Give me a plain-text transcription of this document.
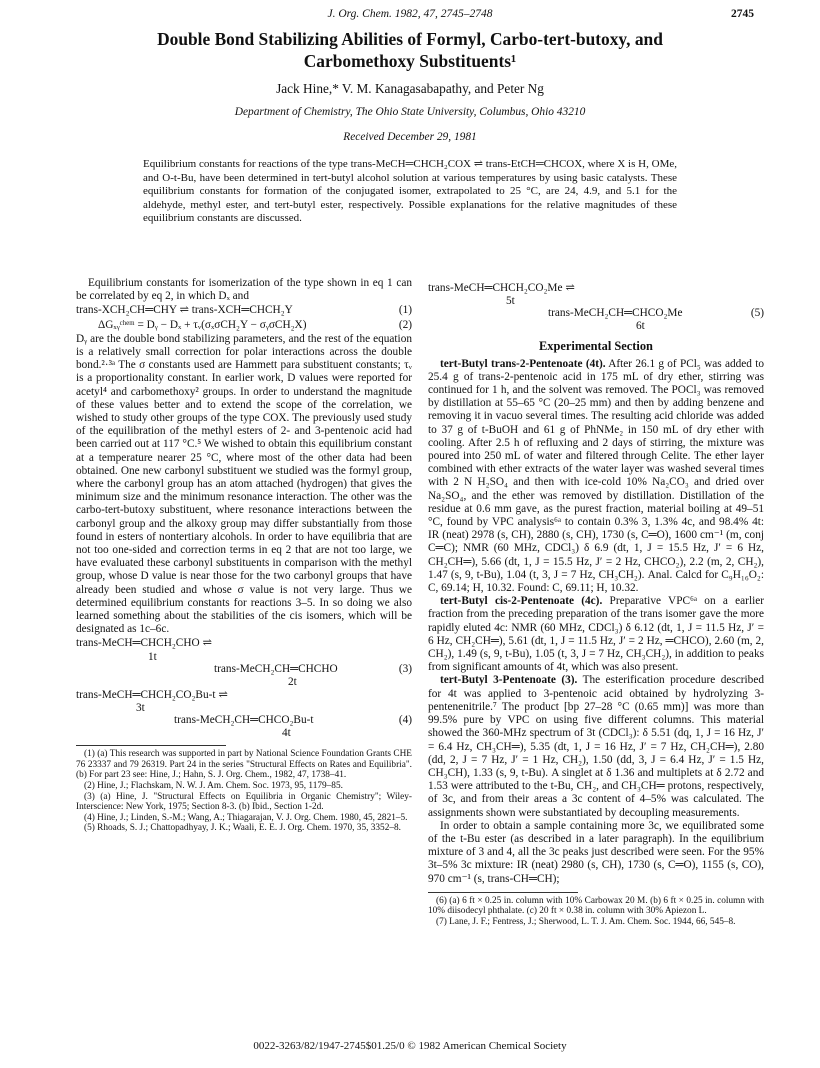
J. Org. Chem. 1982, 47, 2745–2748	2745
Double Bond Stabilizing Abilities of Formyl, Carbo-tert-butoxy, and
Carbomethoxy Substituents¹
Jack Hine,* V. M. Kanagasabapathy, and Peter Ng
Department of Chemistry, The Ohio State University, Columbus, Ohio 43210
Received December 29, 1981

Equilibrium constants for reactions of the type trans-MeCH═CHCH₂COX ⇌ trans-EtCH═CHCOX, where X is H, OMe, and O-t-Bu, have been determined in tert-butyl alcohol solution at various temperatures by using basic catalysts. These equilibrium constants for formation of the conjugated isomer, extrapolated to 25 °C, are 24, 4.9, and 5.1 for the aldehyde, methyl ester, and tert-butyl ester, respectively. Possible explanations for the relative magnitudes of these equilibrium constants are discussed.

Equilibrium constants for isomerization of the type shown in eq 1 can be correlated by eq 2, in which Dₓ and

trans-XCH₂CH═CHY ⇌ trans-XCH═CHCH₂Y	(1)
ΔGₓᵧᶜʰᵉᵐ = Dᵧ − Dₓ + τᵥ(σₓσCH₂Y − σᵧσCH₂X)	(2)

Dᵧ are the double bond stabilizing parameters, and the rest of the equation is a relatively small correction for polar interactions across the double bond.²·³ᵃ The σ constants used are Hammett para substituent constants; τᵥ is a proportionality constant. In earlier work, D values were reported for acetyl⁴ and carbomethoxy² groups. In order to understand the magnitude of these values better and to extend the scope of the correlation, we wished to study other groups of the type COX. The previously used study of the equilibration of the methyl esters of 2- and 3-pentenoic acid had been carried out at 117 °C.⁵ We wished to obtain this equilibrium constant at a temperature nearer 25 °C, where most of the other data had been obtained. One new carbonyl substituent we studied was the formyl group, where the carbonyl group has an atom attached (hydrogen) that gives the minimum size and the minimum resonance interaction. The other was the carbo-tert-butoxy substituent, where resonance interactions between the carbonyl group and the alkoxy group may differ substantially from those found in esters of nontertiary alcohols. In order to have equilibria that are not too one-sided and correction terms in eq 2 that are not too large, we have evaluated these carbonyl substituents in comparison with the methyl group, whose D value is near those for the two carbonyl groups that have already been studied and whose σ value is not very large. Thus we determined equilibrium constants for reactions 3–5. In so doing we also learned something about the stabilities of the cis isomers, which will be designated as 1c–6c.

trans-MeCH═CHCH₂CHO ⇌
1t
trans-MeCH₂CH═CHCHO	(3)
2t
trans-MeCH═CHCH₂CO₂Bu-t ⇌
3t
trans-MeCH₂CH═CHCO₂Bu-t	(4)
4t

(1) (a) This research was supported in part by National Science Foundation Grants CHE 76 23337 and 79 26319. Part 24 in the series "Structural Effects on Rates and Equilibria". (b) For part 23 see: Hine, J.; Hahn, S. J. Org. Chem., 1982, 47, 1738–41.

(2) Hine, J.; Flachskam, N. W. J. Am. Chem. Soc. 1973, 95, 1179–85.

(3) (a) Hine, J. "Structural Effects on Equilibria in Organic Chemistry"; Wiley-Interscience: New York, 1975; Section 8-3. (b) Ibid., Section 1-2d.

(4) Hine, J.; Linden, S.-M.; Wang, A.; Thiagarajan, V. J. Org. Chem. 1980, 45, 2821–5.

(5) Rhoads, S. J.; Chattopadhyay, J. K.; Waali, E. E. J. Org. Chem. 1970, 35, 3352–8.

trans-MeCH═CHCH₂CO₂Me ⇌
5t
trans-MeCH₂CH═CHCO₂Me	(5)
6t
Experimental Section

tert-Butyl trans-2-Pentenoate (4t). After 26.1 g of PCl₅ was added to 25.4 g of trans-2-pentenoic acid in 175 mL of dry ether, stirring was continued for 1 h, and the solvent was removed. The POCl₃ was removed by distillation at 55–65 °C (20–25 mm) and then by adding benzene and removing it in vacuo several times. The resulting acid chloride was added to 37 g of t-BuOH and 61 g of PhNMe₂ in 150 mL of dry ether with cooling. After 2.5 h of refluxing and 2 days of stirring, the mixture was poured into 250 mL of water and filtered through Celite. The ether layer combined with ether extracts of the water layer was washed several times with 2 N H₂SO₄ and then with ice-cold 10% Na₂CO₃ and dried over Na₂SO₄, and the ether was removed by distillation. Distillation of the residue at 0.6 mm gave, as the purest fraction, material boiling at 49–51 °C, found by VPC analysis⁶ᵃ to contain 0.3% 3, 1.3% 4c, and 98.4% 4t: IR (neat) 2978 (s, CH), 2880 (s, CH), 1730 (s, C═O), 1600 cm⁻¹ (m, conj C═C); NMR (60 MHz, CDCl₃) δ 6.9 (dt, 1, J = 15.5 Hz, J′ = 6 Hz, CH₂CH═), 5.66 (dt, 1, J = 15.5 Hz, J′ = 2 Hz, CHCO₂), 2.2 (m, 2, CH₂), 1.47 (s, 9, t-Bu), 1.04 (t, 3, J = 7 Hz, CH₃CH₂). Anal. Calcd for C₉H₁₆O₂: C, 69.14; H, 10.32. Found: C, 69.11; H, 10.32.

tert-Butyl cis-2-Pentenoate (4c). Preparative VPC⁶ᵃ on a earlier fraction from the preceding preparation of the trans isomer gave the more rapidly eluted 4c: NMR (60 MHz, CDCl₃) δ 6.12 (dt, 1, J = 11.5 Hz, J′ = 6 Hz, CH₂CH═), 5.61 (dt, 1, J = 11.5 Hz, J′ = 2 Hz, ═CHCO), 2.60 (m, 2, CH₂), 1.49 (s, 9, t-Bu), 1.05 (t, 3, J = 7 Hz, CH₃CH₂), in addition to peaks from significant amounts of 4t, which was also present.

tert-Butyl 3-Pentenoate (3). The esterification procedure described for 4t was applied to 3-pentenoic acid obtained by hydrolyzing 3-pentenenitrile.⁷ The product [bp 27–28 °C (0.65 mm)] was more than 99.5% pure by VPC on using five different columns. This material showed the 360-MHz spectrum of 3t (CDCl₃): δ 5.51 (dq, 1, J = 16 Hz, J′ = 6.4 Hz, CH₃CH═), 5.35 (dt, 1, J = 16 Hz, J′ = 7 Hz, CH₂CH═), 2.80 (dd, 2, J = 7 Hz, J′ = 1 Hz, CH₂), 1.50 (dd, 3, J = 6.4 Hz, J′ = 1.5 Hz, CH₃CH), 1.33 (s, 9, t-Bu). A singlet at δ 1.36 and multiplets at δ 2.72 and 1.53 were attributed to the t-Bu, CH₂, and CH₃CH═ protons, respectively, of 3c, and from their areas a 3c content of 4–5% was calculated. The assignments shown were substantiated by decoupling measurements.

In order to obtain a sample containing more 3c, we equilibrated some of the t-Bu ester (as described in a later paragraph). In the equilibrium mixture of 3 and 4, all the 3c peaks just described were seen. For the 95% 3t–5% 3c mixture: IR (neat) 2980 (s, CH), 1730 (s, C═O), 1155 (s, CO), 970 cm⁻¹ (s, trans-CH═CH);

(6) (a) 6 ft × 0.25 in. column with 10% Carbowax 20 M. (b) 6 ft × 0.25 in. column with 10% diisodecyl phthalate. (c) 20 ft × 0.38 in. column with 30% Apiezon L.

(7) Lane, J. F.; Fentress, J.; Sherwood, L. T. J. Am. Chem. Soc. 1944, 66, 545–8.

0022-3263/82/1947-2745$01.25/0 © 1982 American Chemical Society
